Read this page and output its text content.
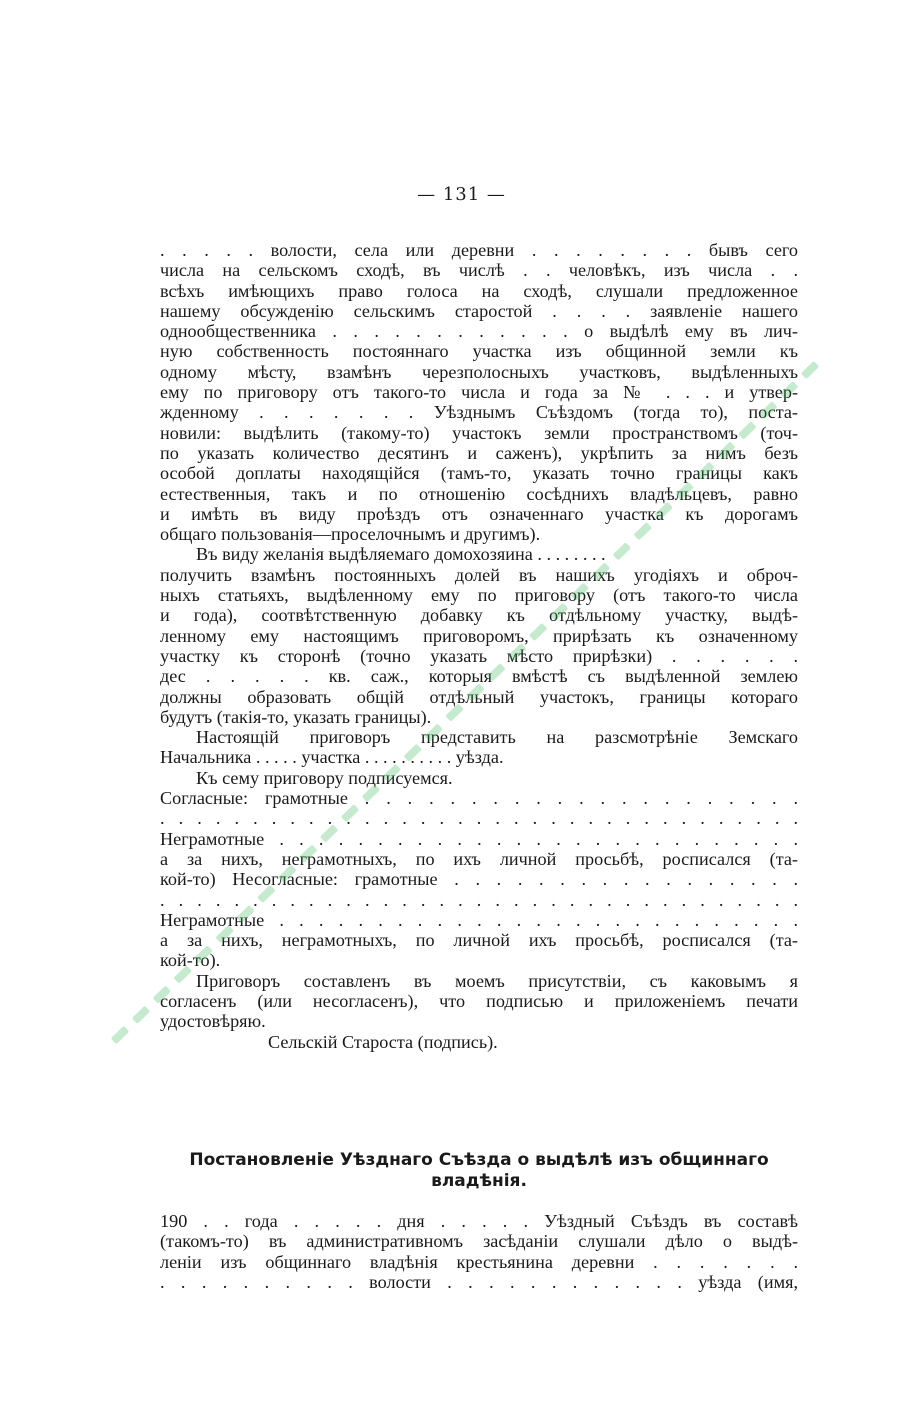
— 131 —
. . . . . волости, села или деревни . . . . . . . . бывъ сего
числа на сельскомъ сходѣ, въ числѣ . . человѣкъ, изъ числа . .
всѣхъ имѣющихъ право голоса на сходѣ, слушали предложенное
нашему обсужденію сельскимъ старостой . . . . заявленіе нашего
однообщественника . . . . . . . . . . . . о выдѣлѣ ему въ лич-
ную собственность постояннаго участка изъ общинной земли къ
одному мѣсту, взамѣнъ черезполосныхъ участковъ, выдѣленныхъ
ему по приговору отъ такого-то числа и года за № . . . и утвер-
жденному . . . . . . . Уѣзднымъ Съѣздомъ (тогда то), поста-
новили: выдѣлить (такому-то) участокъ земли пространствомъ (точ-
по указать количество десятинъ и саженъ), укрѣпить за нимъ безъ
особой доплаты находящійся (тамъ-то, указать точно границы какъ
естественныя, такъ и по отношенію сосѣднихъ владѣльцевъ, равно
и имѣть въ виду проѣздъ отъ означеннаго участка къ дорогамъ
общаго пользованія—проселочнымъ и другимъ).
Въ виду желанія выдѣляемаго домохозяина . . . . . . . .
получить взамѣнъ постоянныхъ долей въ нашихъ угодіяхъ и оброч-
ныхъ статьяхъ, выдѣленному ему по приговору (отъ такого-то числа
и года), соотвѣтственную добавку къ отдѣльному участку, выдѣ-
ленному ему настоящимъ приговоромъ, прирѣзать къ означенному
участку къ сторонѣ (точно указать мѣсто прирѣзки) . . . . . .
дес . . . . . кв. саж., которыя вмѣстѣ съ выдѣленной землею
должны образовать общій отдѣльный участокъ, границы котораго
будутъ (такія-то, указать границы).
Настоящій приговоръ представить на разсмотрѣніе Земскаго
Начальника . . . . . участка . . . . . . . . . . уѣзда.
Къ сему приговору подписуемся.
Согласные: грамотные . . . . . . . . . . . . . . . . . . . . .
. . . . . . . . . . . . . . . . . . . . . . . . . . . . . . . . . . .
Неграмотные . . . . . . . . . . . . . . . . . . . . . . . . . . .
а за нихъ, неграмотныхъ, по ихъ личной просьбѣ, росписался (та-
кой-то) Несогласные: грамотные . . . . . . . . . . . . . . . . .
. . . . . . . . . . . . . . . . . . . . . . . . . . . . . . . . . . .
Неграмотные . . . . . . . . . . . . . . . . . . . . . . . . . . .
а за нихъ, неграмотныхъ, по личной ихъ просьбѣ, росписался (та-
кой-то).
Приговоръ составленъ въ моемъ присутствіи, съ каковымъ я
согласенъ (или несогласенъ), что подписью и приложеніемъ печати
удостовѣряю.
Сельскій Староста (подпись).
Постановленіе Уѣзднаго Съѣзда о выдѣлѣ изъ общиннаго
владѣнія.
190 . . года . . . . . дня . . . . . Уѣздный Съѣздъ въ составѣ
(такомъ-то) въ административномъ засѣданіи слушали дѣло о выдѣ-
леніи изъ общиннаго владѣнія крестьянина деревни . . . . . . .
. . . . . . . . . . волости . . . . . . . . . . . . уѣзда (имя,
